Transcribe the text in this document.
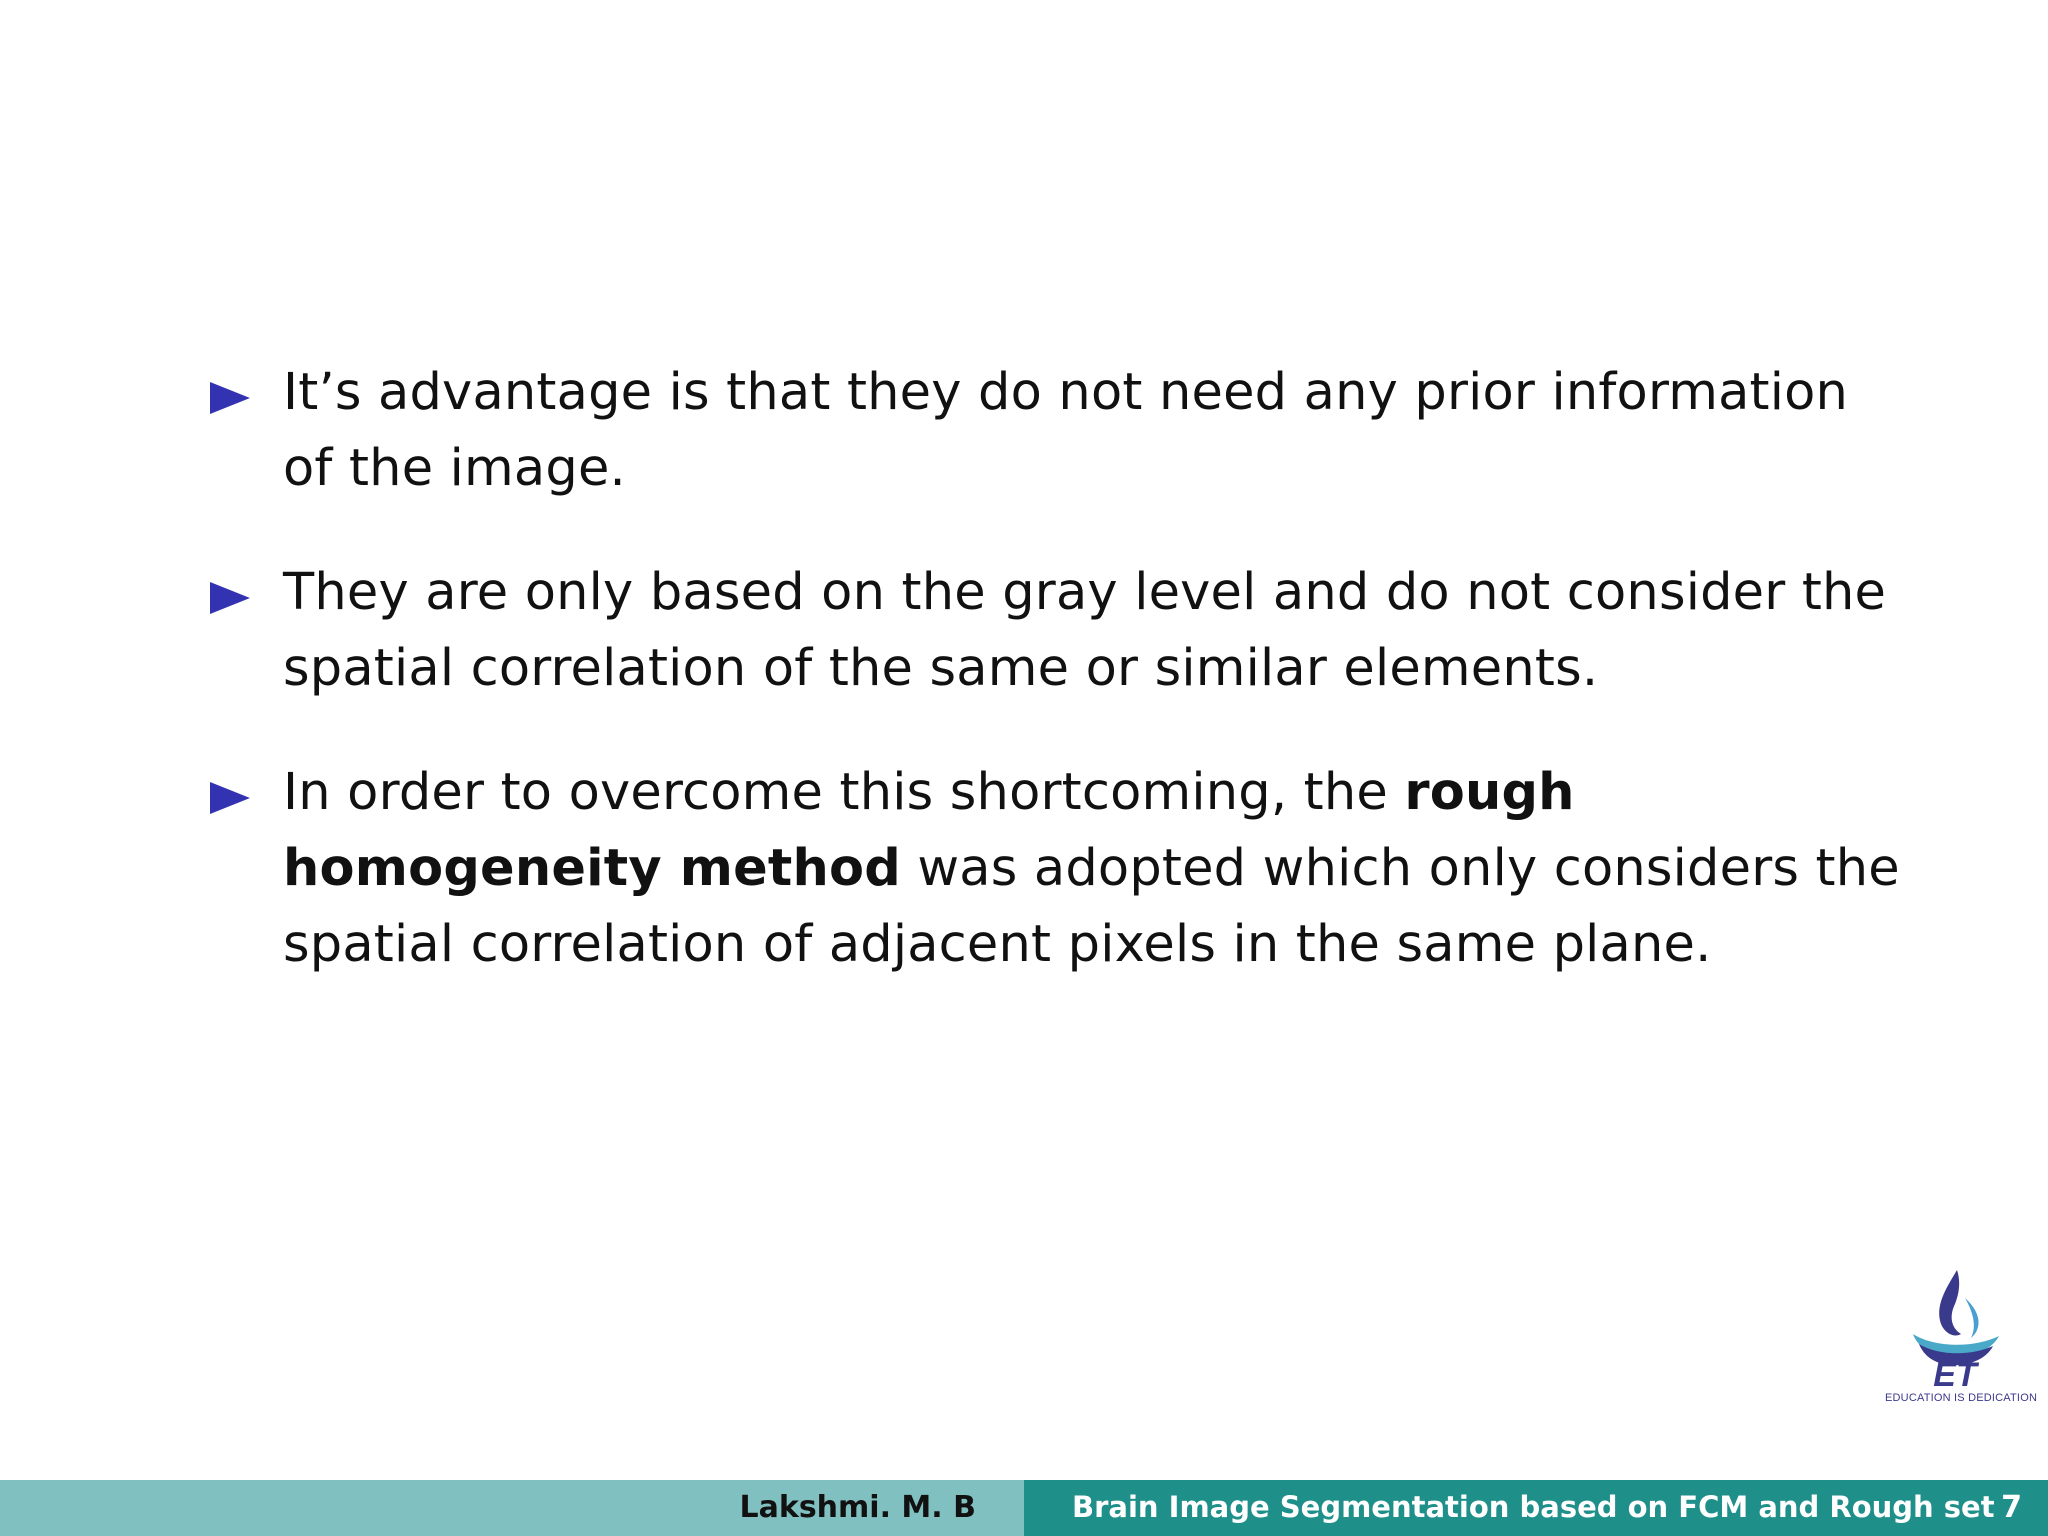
It’s advantage is that they do not need any prior information of the image.
They are only based on the gray level and do not consider the spatial correlation of the same or similar elements.
In order to overcome this shortcoming, the rough homogeneity method was adopted which only considers the spatial correlation of adjacent pixels in the same plane.
ET
EDUCATION IS DEDICATION
Lakshmi. M. B	Brain Image Segmentation based on FCM and Rough set 7
